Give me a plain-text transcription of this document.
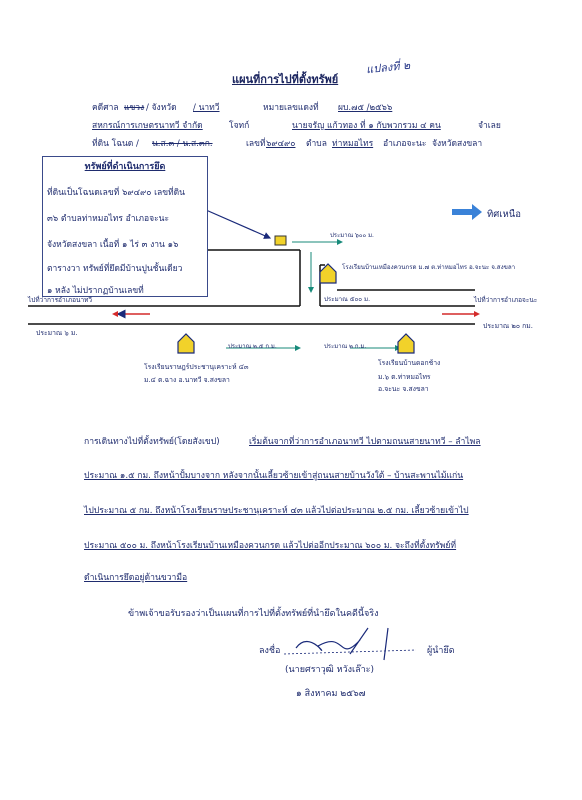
แผนที่การไปที่ตั้งทรัพย์
แปลงที่ ๒
คดีศาล แขวง / จังหวัด / นาทวี	หมายเลขแดงที่ ผบ.๗๕ /๒๕๖๖
สหกรณ์การเกษตรนาทวี จำกัด	โจทก์	นายจรัญ แก้วทอง ที่ ๑ กับพวกรวม ๔ คน	จำเลย
ที่ดิน โฉนด / น.ส.๓ / น.ส.๓ก.	เลขที่ ๖๙๔๙๐ ตำบล ท่าหมอไทร อำเภอจะนะ จังหวัดสงขลา
ทรัพย์ที่ดำเนินการยึด
ที่ดินเป็นโฉนดเลขที่ ๖๙๔๙๐ เลขที่ดิน
๓๖ ตำบลท่าหมอไทร อำเภอจะนะ
จังหวัดสงขลา เนื้อที่ ๑ ไร่ ๓ งาน ๑๖
ตารางวา ทรัพย์ที่ยึดมีบ้านปูนชั้นเดียว
๑ หลัง ไม่ปรากฏบ้านเลขที่
ทิศเหนือ
ประมาณ ๖๐๐ ม.
โรงเรียนบ้านเหมืองควนกรด ม.๗ ต.ท่าหมอไทร อ.จะนะ จ.สงขลา
ประมาณ ๕๐๐ ม.
ไปที่ว่าการอำเภอนาทวี
ประมาณ ๖ ม.
ไปที่ว่าการอำเภอจะนะ
ประมาณ ๒๐ กม.
ประมาณ ๒.๕ ก.ม.	ประมาณ ๒ ก.ม.
โรงเรียนราษฎร์ประชานุเคราะห์ ๔๓
ม.๔ ต.ฉาง อ.นาทวี จ.สงขลา
โรงเรียนบ้านดอกช้าง
ม.๖ ต.ท่าหมอไทร
อ.จะนะ จ.สงขลา
การเดินทางไปที่ตั้งทรัพย์(โดยสังเขป)	เริ่มต้นจากที่ว่าการอำเภอนาทวี ไปตามถนนสายนาทวี – ลำไพล
ประมาณ ๑.๕ กม. ถึงหน้าปั้มบางจาก หลังจากนั้นเลี้ยวซ้ายเข้าสู่ถนนสายบ้านวังใต้ – บ้านสะพานไม้แก่น
ไปประมาณ ๕ กม. ถึงหน้าโรงเรียนราษประชานุเคราะห์ ๔๓ แล้วไปต่อประมาณ ๒.๕ กม. เลี้ยวซ้ายเข้าไป
ประมาณ ๕๐๐ ม. ถึงหน้าโรงเรียนบ้านเหมืองควนกรด แล้วไปต่ออีกประมาณ ๖๐๐ ม. จะถึงที่ตั้งทรัพย์ที่
ดำเนินการยึดอยู่ด้านขวามือ
ข้าพเจ้าขอรับรองว่าเป็นแผนที่การไปที่ตั้งทรัพย์ที่นำยึดในคดีนี้จริง
ลงชื่อ	ผู้นำยึด
(นายศราวุฒิ หวังเล๊าะ)
๑ สิงหาคม ๒๕๖๗
